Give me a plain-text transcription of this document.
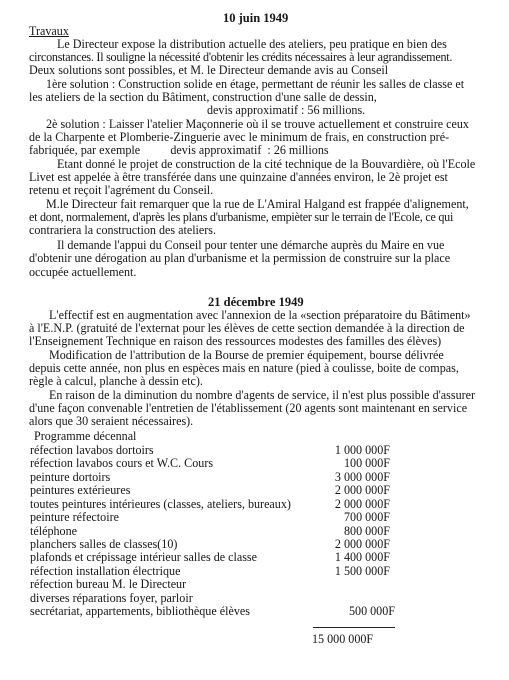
10 juin 1949
Travaux
Le Directeur expose la distribution actuelle des ateliers, peu pratique en bien des
circonstances. Il souligne la nécessité d'obtenir les crédits nécessaires à leur agrandissement.
Deux solutions sont possibles, et M. le Directeur demande avis au Conseil
1ère solution : Construction solide en étage, permettant de réunir les salles de classe et
les ateliers de la section du Bâtiment, construction d'une salle de dessin,
devis approximatif : 56 millions.
2è solution : Laisser l'atelier Maçonnerie où il se trouve actuellement et construire ceux
de la Charpente et Plomberie-Zinguerie avec le minimum de frais, en construction pré-
fabriquée, par exemple          devis approximatif  : 26 millions
Etant donné le projet de construction de la cité technique de la Bouvardière, où l'Ecole
Livet est appelée à être transférée dans une quinzaine d'années environ, le 2è projet est
retenu et reçoit l'agrément du Conseil.
M.le Directeur fait remarquer que la rue de L'Amiral Halgand est frappée d'alignement,
et dont, normalement, d'après les plans d'urbanisme, empièter sur le terrain de l'Ecole, ce qui
contrariera la construction des ateliers.
Il demande l'appui du Conseil pour tenter une démarche auprès du Maire en vue
d'obtenir une dérogation au plan d'urbanisme et la permission de construire sur la place
occupée actuellement.
21 décembre 1949
L'effectif est en augmentation avec l'annexion de la «section préparatoire du Bâtiment»
à l'E.N.P. (gratuité de l'externat pour les élèves de cette section demandée à la direction de
l'Enseignement Technique en raison des ressources modestes des familles des élèves)
Modification de l'attribution de la Bourse de premier équipement, bourse délivrée
depuis cette année, non plus en espèces mais en nature (pied à coulisse, boite de compas,
règle à calcul, planche à dessin etc).
En raison de la diminution du nombre d'agents de service, il n'est plus possible d'assurer
d'une façon convenable l'entretien de l'établissement (20 agents sont maintenant en service
alors que 30 seraient nécessaires).
Programme décennal
réfection lavabos dortoirs	1 000 000F
réfection lavabos cours et W.C. Cours	100 000F
peinture dortoirs	3 000 000F
peintures extérieures	2 000 000F
toutes peintures intérieures (classes, ateliers, bureaux)	2 000 000F
peinture réfectoire	700 000F
téléphone	800 000F
planchers salles de classes(10)	2 000 000F
plafonds et crépissage intérieur salles de classe	1 400 000F
réfection installation électrique	1 500 000F
réfection bureau M. le Directeur
diverses réparations foyer, parloir
secrétariat, appartements, bibliothèque élèves	500 000F
15 000 000F
